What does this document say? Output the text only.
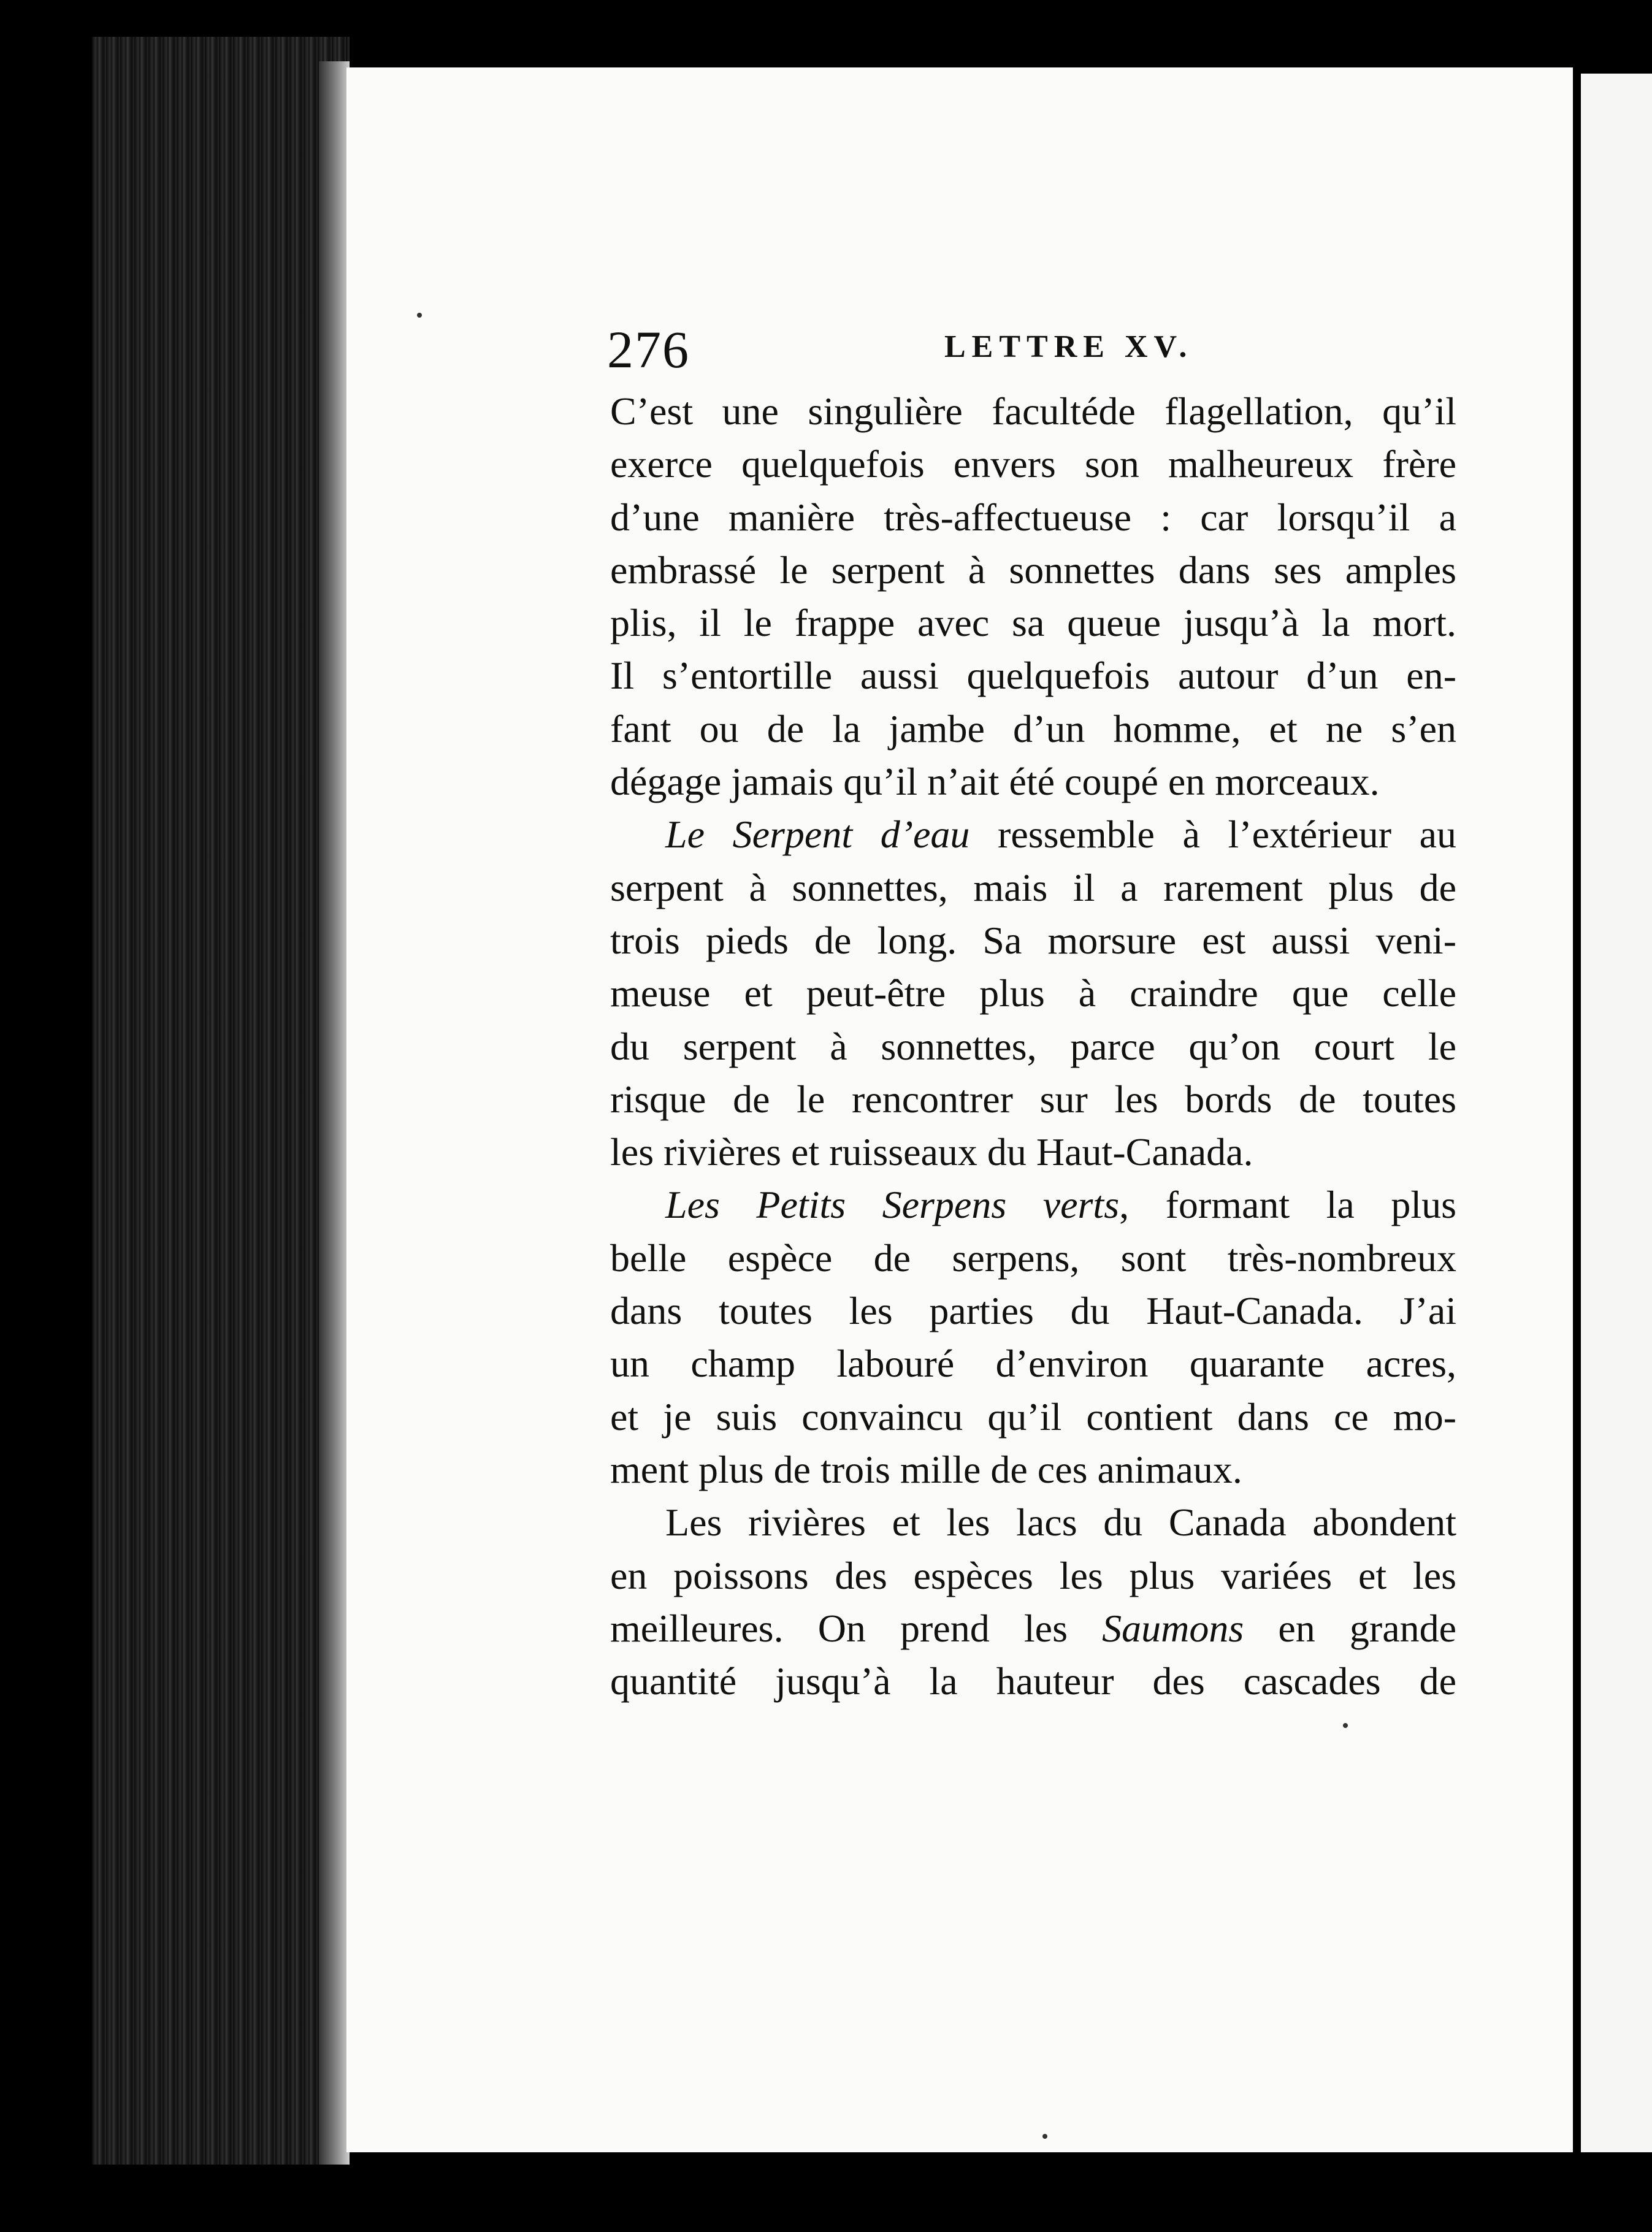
276	LETTRE XV.
C’est une singulière facultéde flagellation, qu’il
exerce quelquefois envers son malheureux frère
d’une manière très-affectueuse : car lorsqu’il a
embrassé le serpent à sonnettes dans ses amples
plis, il le frappe avec sa queue jusqu’à la mort.
Il s’entortille aussi quelquefois autour d’un en-
fant ou de la jambe d’un homme, et ne s’en
dégage jamais qu’il n’ait été coupé en morceaux.
Le Serpent d’eau ressemble à l’extérieur au
serpent à sonnettes, mais il a rarement plus de
trois pieds de long. Sa morsure est aussi veni-
meuse et peut-être plus à craindre que celle
du serpent à sonnettes, parce qu’on court le
risque de le rencontrer sur les bords de toutes
les rivières et ruisseaux du Haut-Canada.
Les Petits Serpens verts, formant la plus
belle espèce de serpens, sont très-nombreux
dans toutes les parties du Haut-Canada. J’ai
un champ labouré d’environ quarante acres,
et je suis convaincu qu’il contient dans ce mo-
ment plus de trois mille de ces animaux.
Les rivières et les lacs du Canada abondent
en poissons des espèces les plus variées et les
meilleures. On prend les Saumons en grande
quantité jusqu’à la hauteur des cascades de
